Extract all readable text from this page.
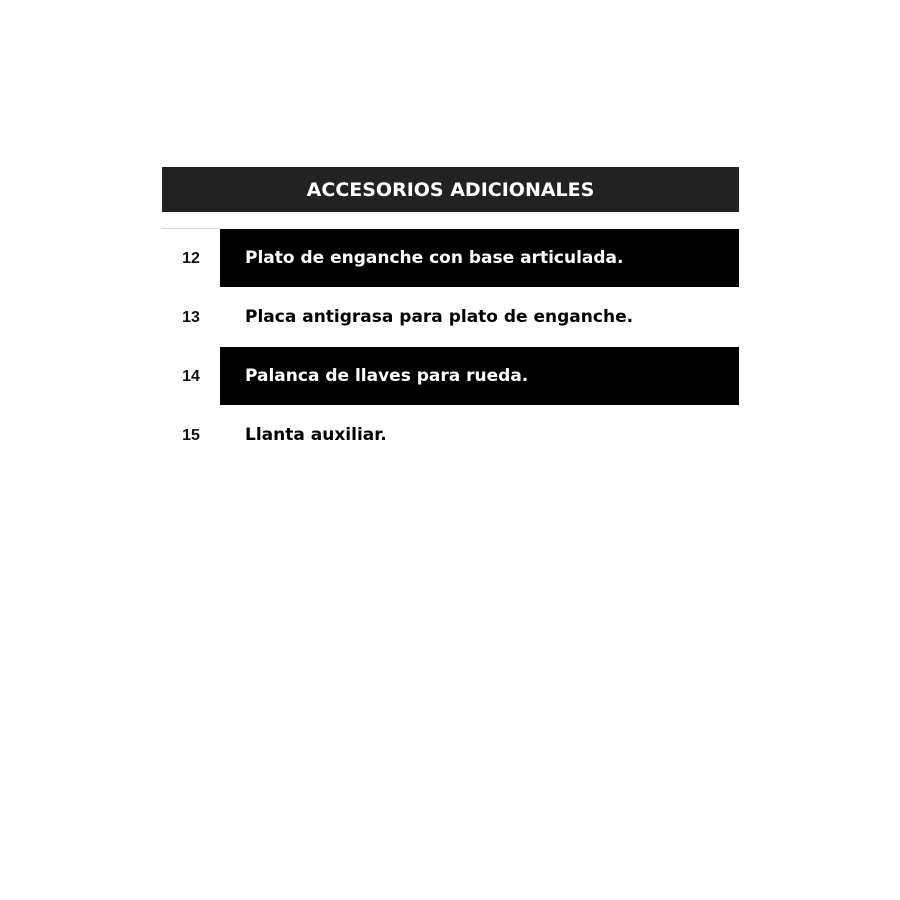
ACCESORIOS ADICIONALES
12	Plato de enganche con base articulada.
13	Placa antigrasa para plato de enganche.
14	Palanca de llaves para rueda.
15	Llanta auxiliar.
